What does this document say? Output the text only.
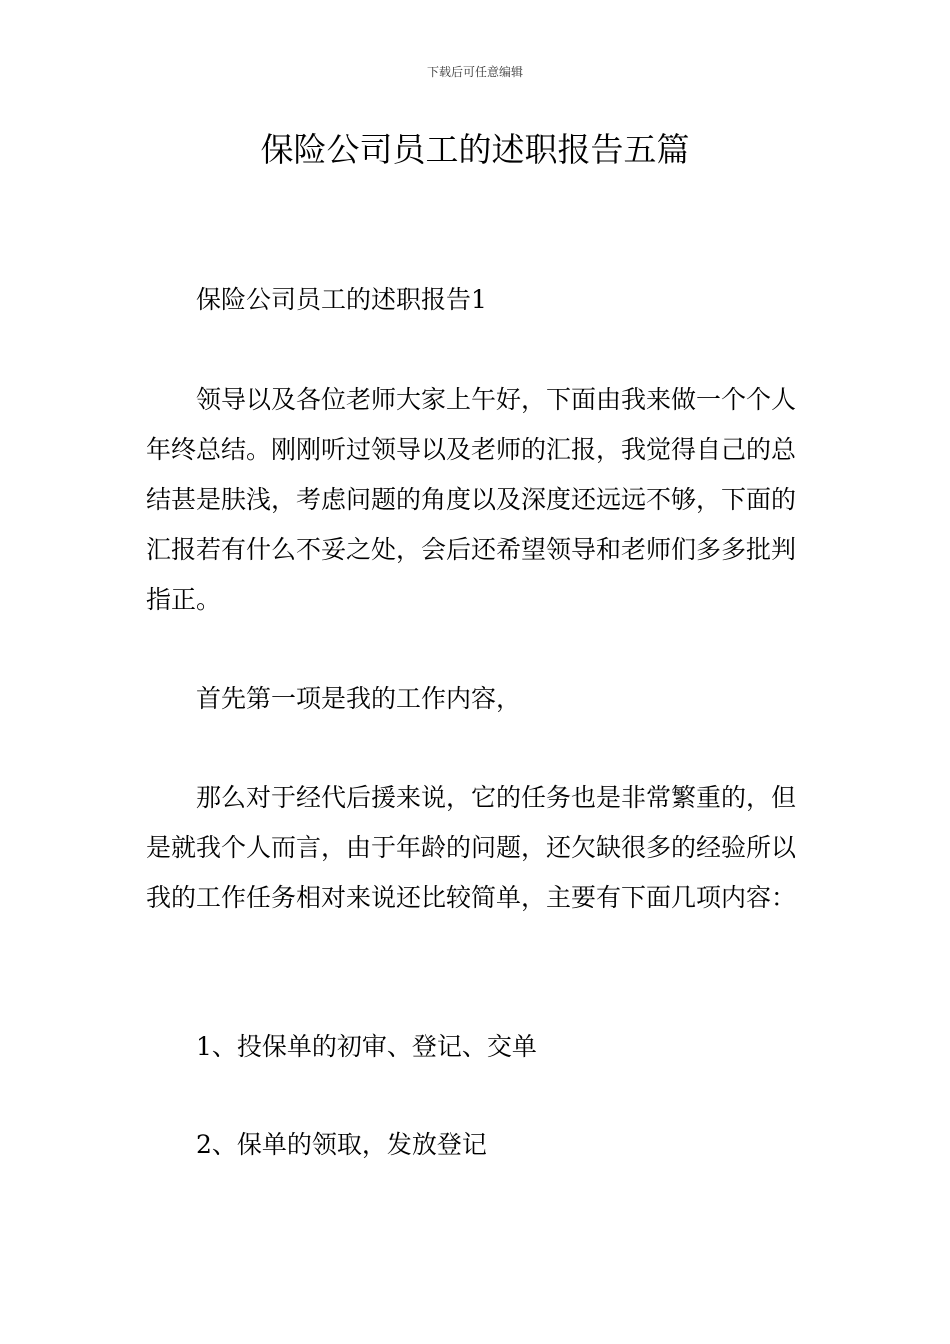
下载后可任意编辑
保险公司员工的述职报告五篇

保险公司员工的述职报告1

领导以及各位老师大家上午好，下面由我来做一个个人年终总结。刚刚听过领导以及老师的汇报，我觉得自己的总结甚是肤浅，考虑问题的角度以及深度还远远不够，下面的汇报若有什么不妥之处，会后还希望领导和老师们多多批判指正。

首先第一项是我的工作内容，

那么对于经代后援来说，它的任务也是非常繁重的，但是就我个人而言，由于年龄的问题，还欠缺很多的经验所以我的工作任务相对来说还比较简单，主要有下面几项内容：

1、投保单的初审、登记、交单

2、保单的领取，发放登记
